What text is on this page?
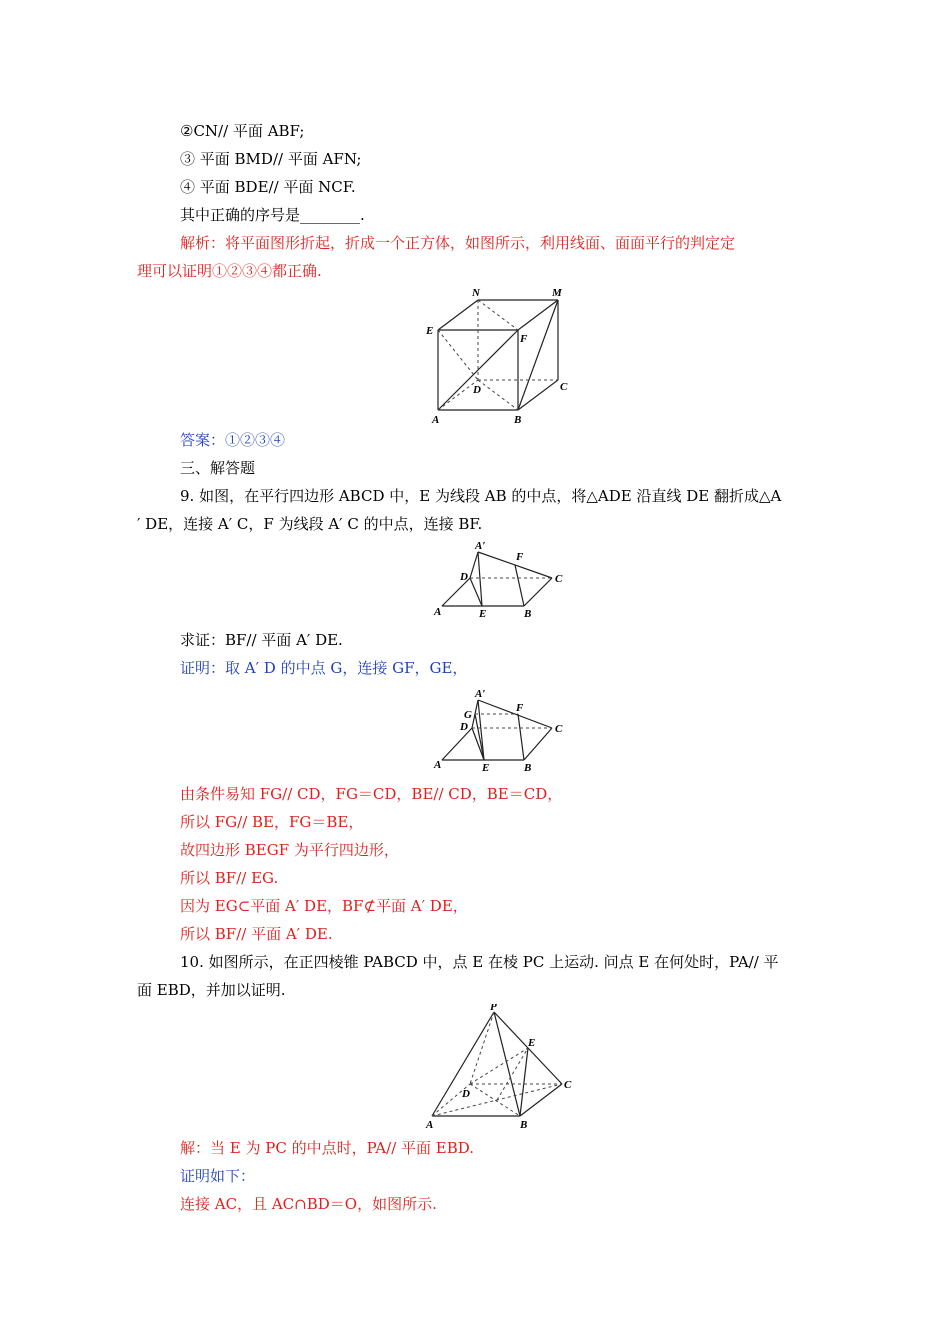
②CN// 平面 ABF;
③ 平面 BMD// 平面 AFN;
④ 平面 BDE// 平面 NCF.
其中正确的序号是________.
解析：将平面图形折起，折成一个正方体，如图所示，利用线面、面面平行的判定定
理可以证明①②③④都正确.
N	M
E
F
D	C
A	B
答案：①②③④
三、解答题
9. 如图，在平行四边形 ABCD 中，E 为线段 AB 的中点，将△ADE 沿直线 DE 翻折成△A
′ DE，连接 A′ C，F 为线段 A′ C 的中点，连接 BF.
A′
F
D	C
A	E	B
求证：BF// 平面 A′ DE.
证明：取 A′ D 的中点 G，连接 GF，GE，
A′
G
F
D	C
A	E	B
由条件易知 FG// CD，FG＝CD，BE// CD，BE＝CD，
所以 FG// BE，FG＝BE，
故四边形 BEGF 为平行四边形，
所以 BF// EG.
因为 EG⊂平面 A′ DE，BF⊄平面 A′ DE，
所以 BF// 平面 A′ DE.
10. 如图所示，在正四棱锥 PABCD 中，点 E 在棱 PC 上运动. 问点 E 在何处时，PA// 平
面 EBD，并加以证明.
P
E
D
C
A	B
解：当 E 为 PC 的中点时，PA// 平面 EBD.
证明如下：
连接 AC，且 AC∩BD＝O，如图所示.
